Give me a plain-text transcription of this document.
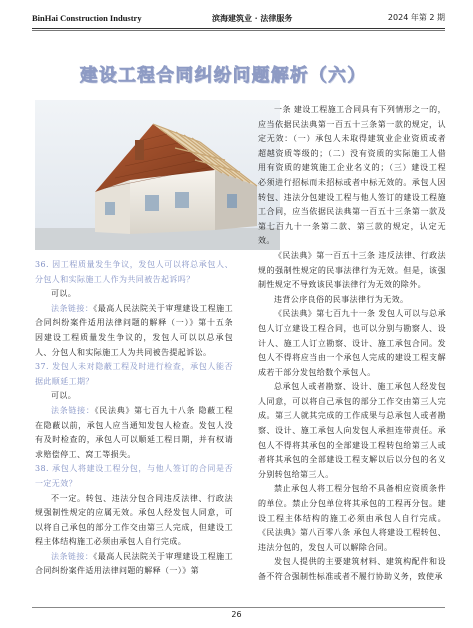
BinHai Construction Industry	滨海建筑业 · 法律服务	2024 年第 2 期
建设工程合同纠纷问题解析（六）

36. 因工程质量发生争议，发包人可以将总承包人、分包人和实际施工人作为共同被告起诉吗？

可以。

法条链接：《最高人民法院关于审理建设工程施工合同纠纷案件适用法律问题的解释（一）》第十五条 因建设工程质量发生争议的，发包人可以以总承包人、分包人和实际施工人为共同被告提起诉讼。

37. 发包人未对隐蔽工程及时进行检查，承包人能否据此顺延工期？

可以。

法条链接：《民法典》第七百九十八条 隐蔽工程在隐蔽以前，承包人应当通知发包人检查。发包人没有及时检查的，承包人可以顺延工程日期，并有权请求赔偿停工、窝工等损失。

38. 承包人将建设工程分包，与他人签订的合同是否一定无效？

不一定。转包、违法分包合同违反法律、行政法规强制性规定的应属无效。承包人经发包人同意，可以将自己承包的部分工作交由第三人完成，但建设工程主体结构施工必须由承包人自行完成。

法条链接：《最高人民法院关于审理建设工程施工合同纠纷案件适用法律问题的解释（一）》第

一条 建设工程施工合同具有下列情形之一的，应当依据民法典第一百五十三条第一款的规定，认定无效：（一）承包人未取得建筑业企业资质或者超越资质等级的；（二）没有资质的实际施工人借用有资质的建筑施工企业名义的；（三）建设工程必须进行招标而未招标或者中标无效的。承包人因转包、违法分包建设工程与他人签订的建设工程施工合同，应当依据民法典第一百五十三条第一款及第七百九十一条第二款、第三款的规定，认定无效。

《民法典》第一百五十三条 违反法律、行政法规的强制性规定的民事法律行为无效。但是，该强制性规定不导致该民事法律行为无效的除外。

违背公序良俗的民事法律行为无效。

《民法典》第七百九十一条 发包人可以与总承包人订立建设工程合同，也可以分别与勘察人、设计人、施工人订立勘察、设计、施工承包合同。发包人不得将应当由一个承包人完成的建设工程支解成若干部分发包给数个承包人。

总承包人或者勘察、设计、施工承包人经发包人同意，可以将自己承包的部分工作交由第三人完成。第三人就其完成的工作成果与总承包人或者勘察、设计、施工承包人向发包人承担连带责任。承包人不得将其承包的全部建设工程转包给第三人或者将其承包的全部建设工程支解以后以分包的名义分别转包给第三人。

禁止承包人将工程分包给不具备相应资质条件的单位。禁止分包单位将其承包的工程再分包。建设工程主体结构的施工必须由承包人自行完成。《民法典》第八百零八条 承包人将建设工程转包、违法分包的，发包人可以解除合同。

发包人提供的主要建筑材料、建筑构配件和设备不符合强制性标准或者不履行协助义务，致使承

26
